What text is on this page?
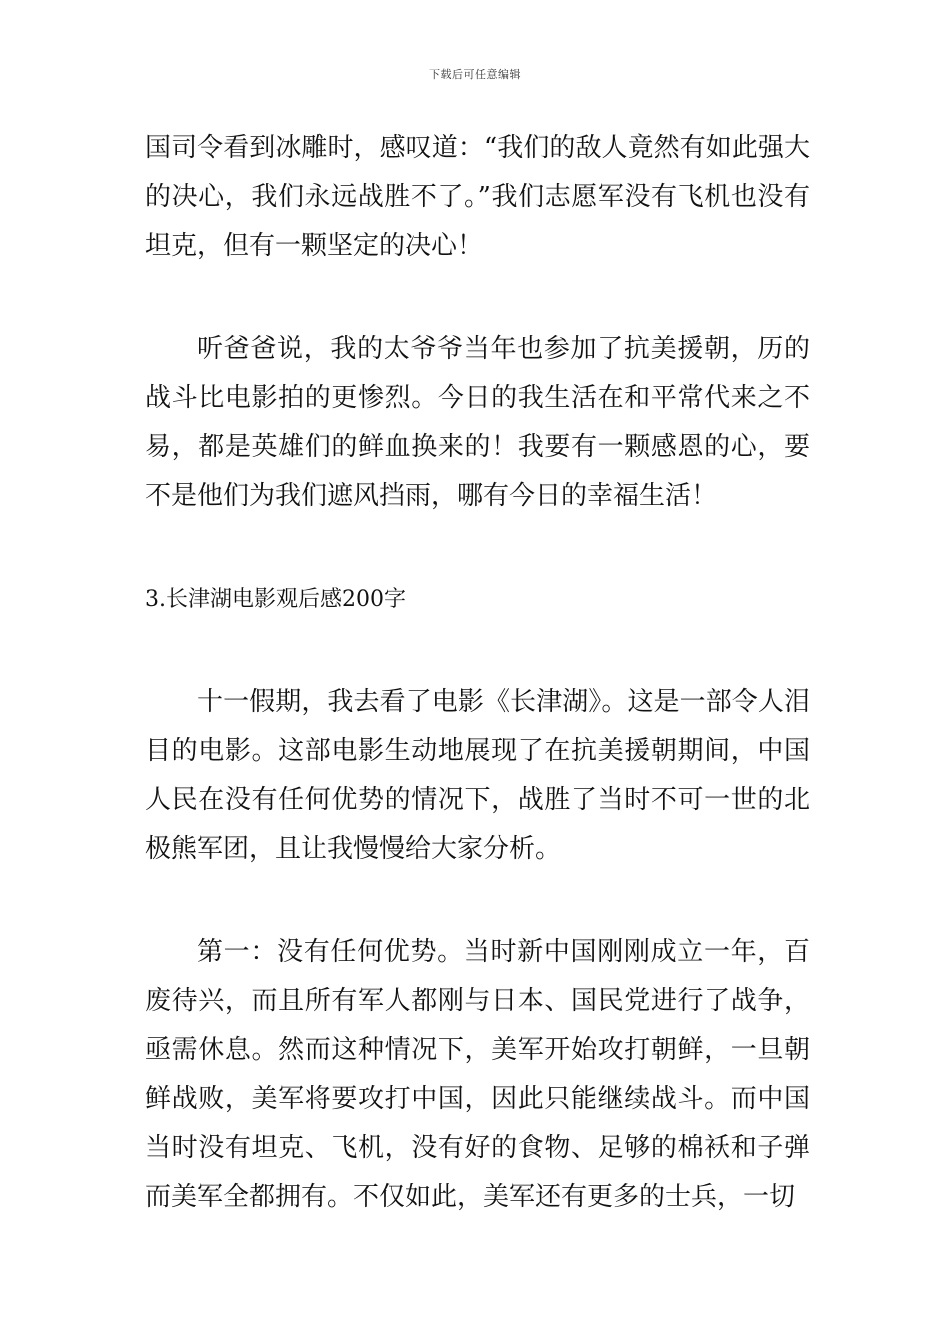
下载后可任意编辑

国司令看到冰雕时，感叹道：“我们的敌人竟然有如此强大的决心，我们永远战胜不了。”我们志愿军没有飞机也没有坦克，但有一颗坚定的决心！

听爸爸说，我的太爷爷当年也参加了抗美援朝，历的战斗比电影拍的更惨烈。今日的我生活在和平常代来之不易，都是英雄们的鲜血换来的！我要有一颗感恩的心，要不是他们为我们遮风挡雨，哪有今日的幸福生活！

3.长津湖电影观后感200字

十一假期，我去看了电影《长津湖》。这是一部令人泪目的电影。这部电影生动地展现了在抗美援朝期间，中国人民在没有任何优势的情况下，战胜了当时不可一世的北极熊军团，且让我慢慢给大家分析。

第一：没有任何优势。当时新中国刚刚成立一年，百废待兴，而且所有军人都刚与日本、国民党进行了战争，亟需休息。然而这种情况下，美军开始攻打朝鲜，一旦朝鲜战败，美军将要攻打中国，因此只能继续战斗。而中国当时没有坦克、飞机，没有好的食物、足够的棉袄和子弹而美军全都拥有。不仅如此，美军还有更多的士兵，一切
